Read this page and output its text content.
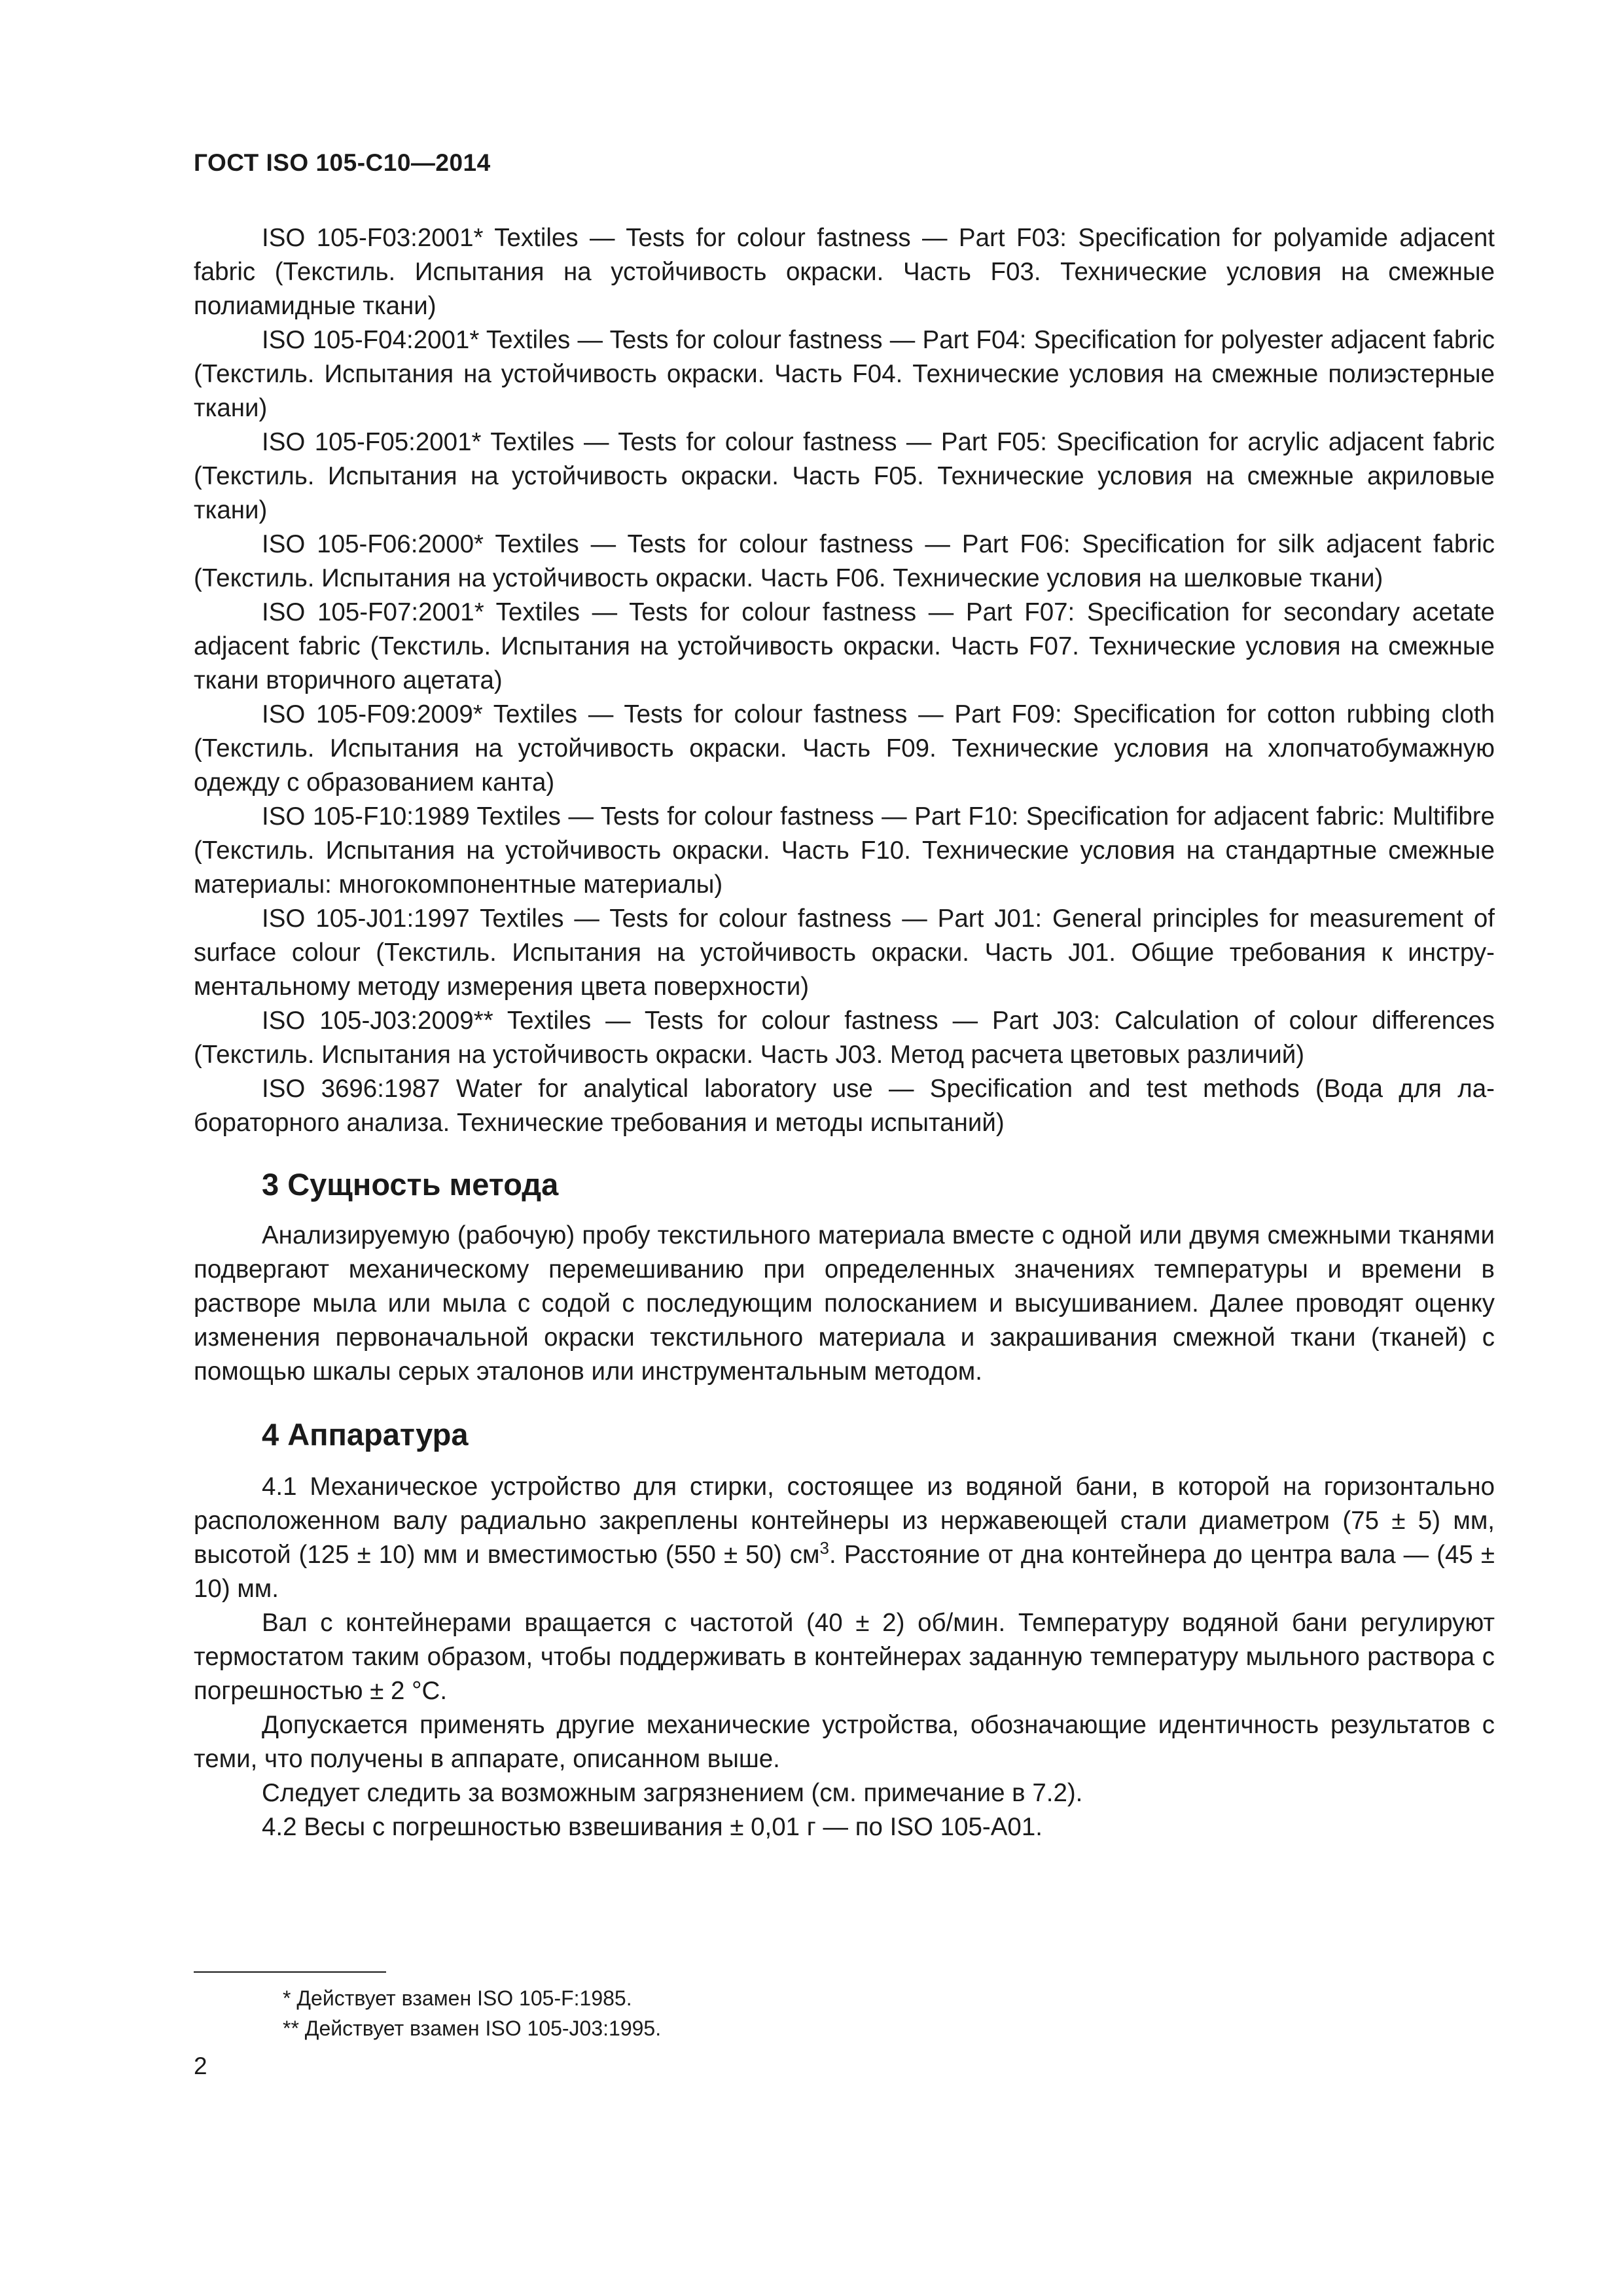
ГОСТ ISO 105-C10—2014

ISO 105-F03:2001* Textiles — Tests for colour fastness — Part F03: Specification for polyamide adjacent fabric (Текстиль. Испытания на устойчивость окраски. Часть F03. Технические условия на смежные полиамидные ткани)

ISO 105-F04:2001* Textiles — Tests for colour fastness — Part F04: Specification for polyester adjacent fabric (Текстиль. Испытания на устойчивость окраски. Часть F04. Технические условия на смежные полиэстерные ткани)

ISO 105-F05:2001* Textiles — Tests for colour fastness — Part F05: Specification for acrylic adjacent fabric (Текстиль. Испытания на устойчивость окраски. Часть F05. Технические условия на смежные акриловые ткани)

ISO 105-F06:2000* Textiles — Tests for colour fastness — Part F06: Specification for silk adjacent fabric (Текстиль. Испытания на устойчивость окраски. Часть F06. Технические условия на шелковые ткани)

ISO 105-F07:2001* Textiles — Tests for colour fastness — Part F07: Specification for secondary acetate adjacent fabric (Текстиль. Испытания на устойчивость окраски. Часть F07. Технические условия на смежные ткани вторичного ацетата)

ISO 105-F09:2009* Textiles — Tests for colour fastness — Part F09: Specification for cotton rubbing cloth (Текстиль. Испытания на устойчивость окраски. Часть F09. Технические условия на хлопчатобумажную одежду с образованием канта)

ISO 105-F10:1989 Textiles — Tests for colour fastness — Part F10: Specification for adjacent fabric: Multifibre (Текстиль. Испытания на устойчивость окраски. Часть F10. Технические условия на стандартные смежные материалы: многокомпонентные материалы)

ISO 105-J01:1997 Textiles — Tests for colour fastness — Part J01: General principles for measurement of surface colour (Текстиль. Испытания на устойчивость окраски. Часть J01. Общие требования к инструментальному методу измерения цвета поверхности)

ISO 105-J03:2009** Textiles — Tests for colour fastness — Part J03: Calculation of colour differences (Текстиль. Испытания на устойчивость окраски. Часть J03. Метод расчета цветовых различий)

ISO 3696:1987 Water for analytical laboratory use — Specification and test methods (Вода для лабораторного анализа. Технические требования и методы испытаний)

3 Сущность метода

Анализируемую (рабочую) пробу текстильного материала вместе с одной или двумя смежными тканями подвергают механическому перемешиванию при определенных значениях температуры и времени в растворе мыла или мыла с содой с последующим полосканием и высушиванием. Далее проводят оценку изменения первоначальной окраски текстильного материала и закрашивания смежной ткани (тканей) с помощью шкалы серых эталонов или инструментальным методом.

4 Аппаратура

4.1 Механическое устройство для стирки, состоящее из водяной бани, в которой на горизонтально расположенном валу радиально закреплены контейнеры из нержавеющей стали диаметром (75 ± 5) мм, высотой (125 ± 10) мм и вместимостью (550 ± 50) $см^3$. Расстояние от дна контейнера до центра вала — (45 ± 10) мм.

Вал с контейнерами вращается с частотой (40 ± 2) об/мин. Температуру водяной бани регулируют термостатом таким образом, чтобы поддерживать в контейнерах заданную температуру мыльного раствора с погрешностью ± 2 °С.

Допускается применять другие механические устройства, обозначающие идентичность результатов с теми, что получены в аппарате, описанном выше.

Следует следить за возможным загрязнением (см. примечание в 7.2).

4.2 Весы с погрешностью взвешивания ± 0,01 г — по ISO 105-A01.

* Действует взамен ISO 105-F:1985.
** Действует взамен ISO 105-J03:1995.
2
